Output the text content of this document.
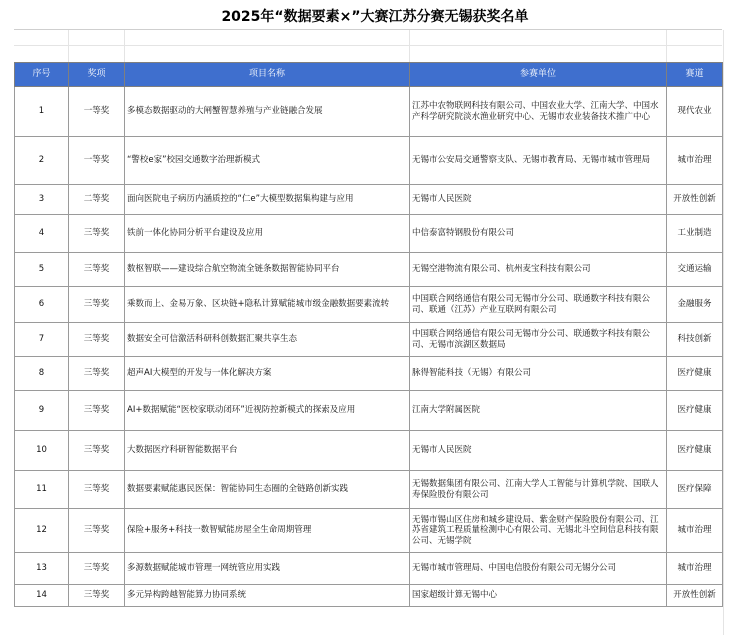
2025年“数据要素×”大赛江苏分赛无锡获奖名单
序号	奖项	项目名称	参赛单位	赛道
1	一等奖	多模态数据驱动的大闸蟹智慧养殖与产业链融合发展	江苏中农物联网科技有限公司、中国农业大学、江南大学、中国水产科学研究院淡水渔业研究中心、无锡市农业装备技术推广中心	现代农业
2	一等奖	“警校e家”校园交通数字治理新模式	无锡市公安局交通警察支队、无锡市教育局、无锡市城市管理局	城市治理
3	二等奖	面向医院电子病历内涵质控的“仁e”大模型数据集构建与应用	无锡市人民医院	开放性创新
4	三等奖	铁前一体化协同分析平台建设及应用	中信泰富特钢股份有限公司	工业制造
5	三等奖	数枢智联——建设综合航空物流全链条数据智能协同平台	无锡空港物流有限公司、杭州麦宝科技有限公司	交通运输
6	三等奖	乘数而上、金易万象、区块链+隐私计算赋能城市级金融数据要素流转	中国联合网络通信有限公司无锡市分公司、联通数字科技有限公司、联通（江苏）产业互联网有限公司	金融服务
7	三等奖	数据安全可信激活科研科创数据汇聚共享生态	中国联合网络通信有限公司无锡市分公司、联通数字科技有限公司、无锡市滨湖区数据局	科技创新
8	三等奖	超声AI大模型的开发与一体化解决方案	脉得智能科技（无锡）有限公司	医疗健康
9	三等奖	AI+数据赋能“医校家联动闭环”近视防控新模式的探索及应用	江南大学附属医院	医疗健康
10	三等奖	大数据医疗科研智能数据平台	无锡市人民医院	医疗健康
11	三等奖	数据要素赋能惠民医保：智能协同生态圈的全链路创新实践	无锡数据集团有限公司、江南大学人工智能与计算机学院、国联人寿保险股份有限公司	医疗保障
12	三等奖	保险+服务+科技一数智赋能房屋全生命周期管理	无锡市锡山区住房和城乡建设局、紫金财产保险股份有限公司、江苏省建筑工程质量检测中心有限公司、无锡北斗空间信息科技有限公司、无锡学院	城市治理
13	三等奖	多源数据赋能城市管理一网统管应用实践	无锡市城市管理局、中国电信股份有限公司无锡分公司	城市治理
14	三等奖	多元异构跨越智能算力协同系统	国家超级计算无锡中心	开放性创新
